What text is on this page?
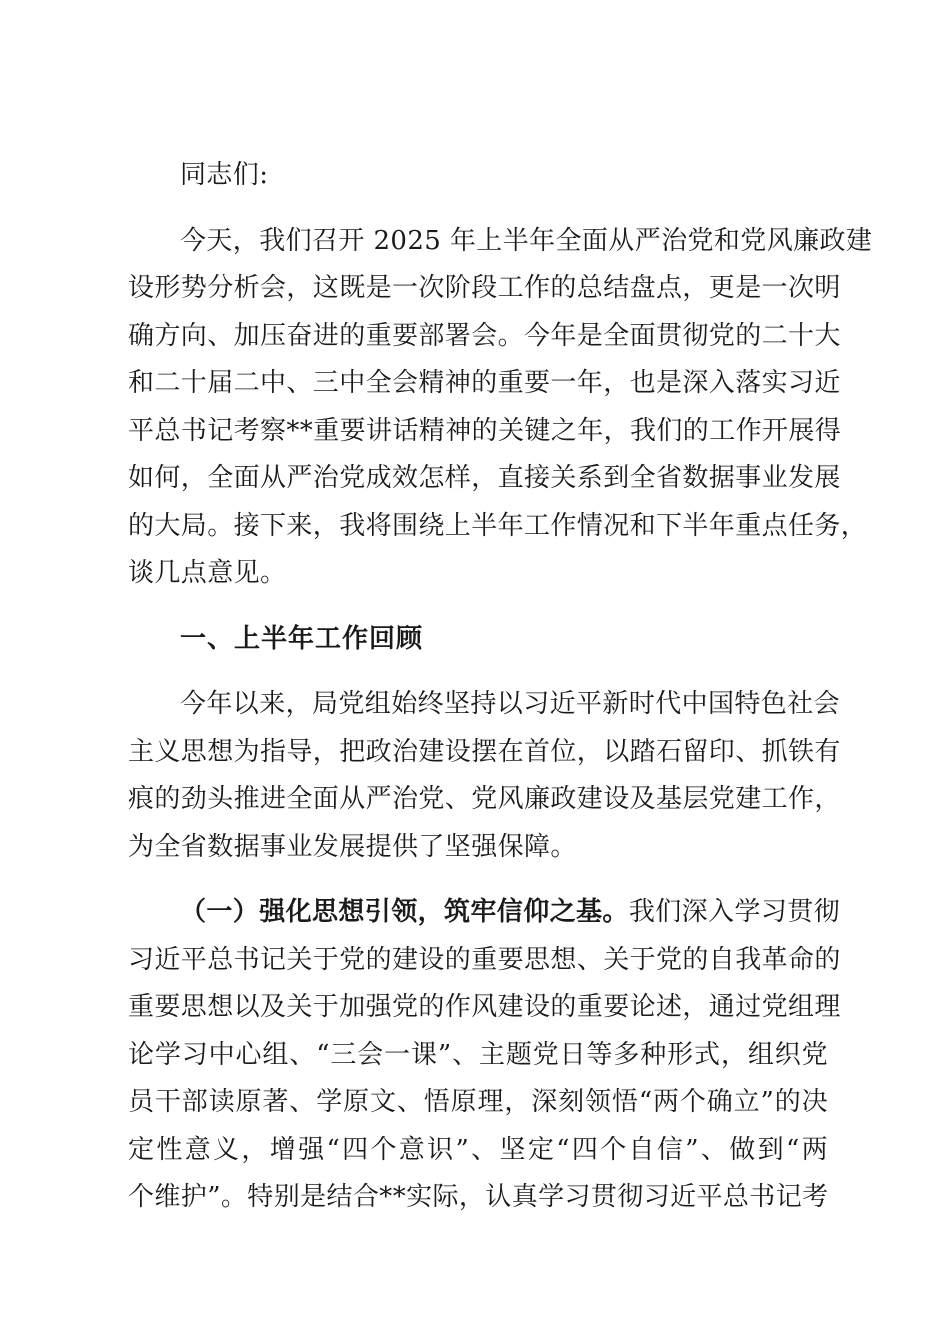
同志们:
今天，我们召开 2025 年上半年全面从严治党和党风廉政建
设形势分析会，这既是一次阶段工作的总结盘点，更是一次明
确方向、加压奋进的重要部署会。今年是全面贯彻党的二十大
和二十届二中、三中全会精神的重要一年，也是深入落实习近
平总书记考察**重要讲话精神的关键之年，我们的工作开展得
如何，全面从严治党成效怎样，直接关系到全省数据事业发展
的大局。接下来，我将围绕上半年工作情况和下半年重点任务，
谈几点意见。
一、上半年工作回顾
今年以来，局党组始终坚持以习近平新时代中国特色社会
主义思想为指导，把政治建设摆在首位，以踏石留印、抓铁有
痕的劲头推进全面从严治党、党风廉政建设及基层党建工作，
为全省数据事业发展提供了坚强保障。
（一）强化思想引领，筑牢信仰之基。我们深入学习贯彻
习近平总书记关于党的建设的重要思想、关于党的自我革命的
重要思想以及关于加强党的作风建设的重要论述，通过党组理
论学习中心组、“三会一课”、主题党日等多种形式，组织党
员干部读原著、学原文、悟原理，深刻领悟“两个确立”的决
定性意义，增强“四个意识”、坚定“四个自信”、做到“两
个维护”。特别是结合**实际，认真学习贯彻习近平总书记考
